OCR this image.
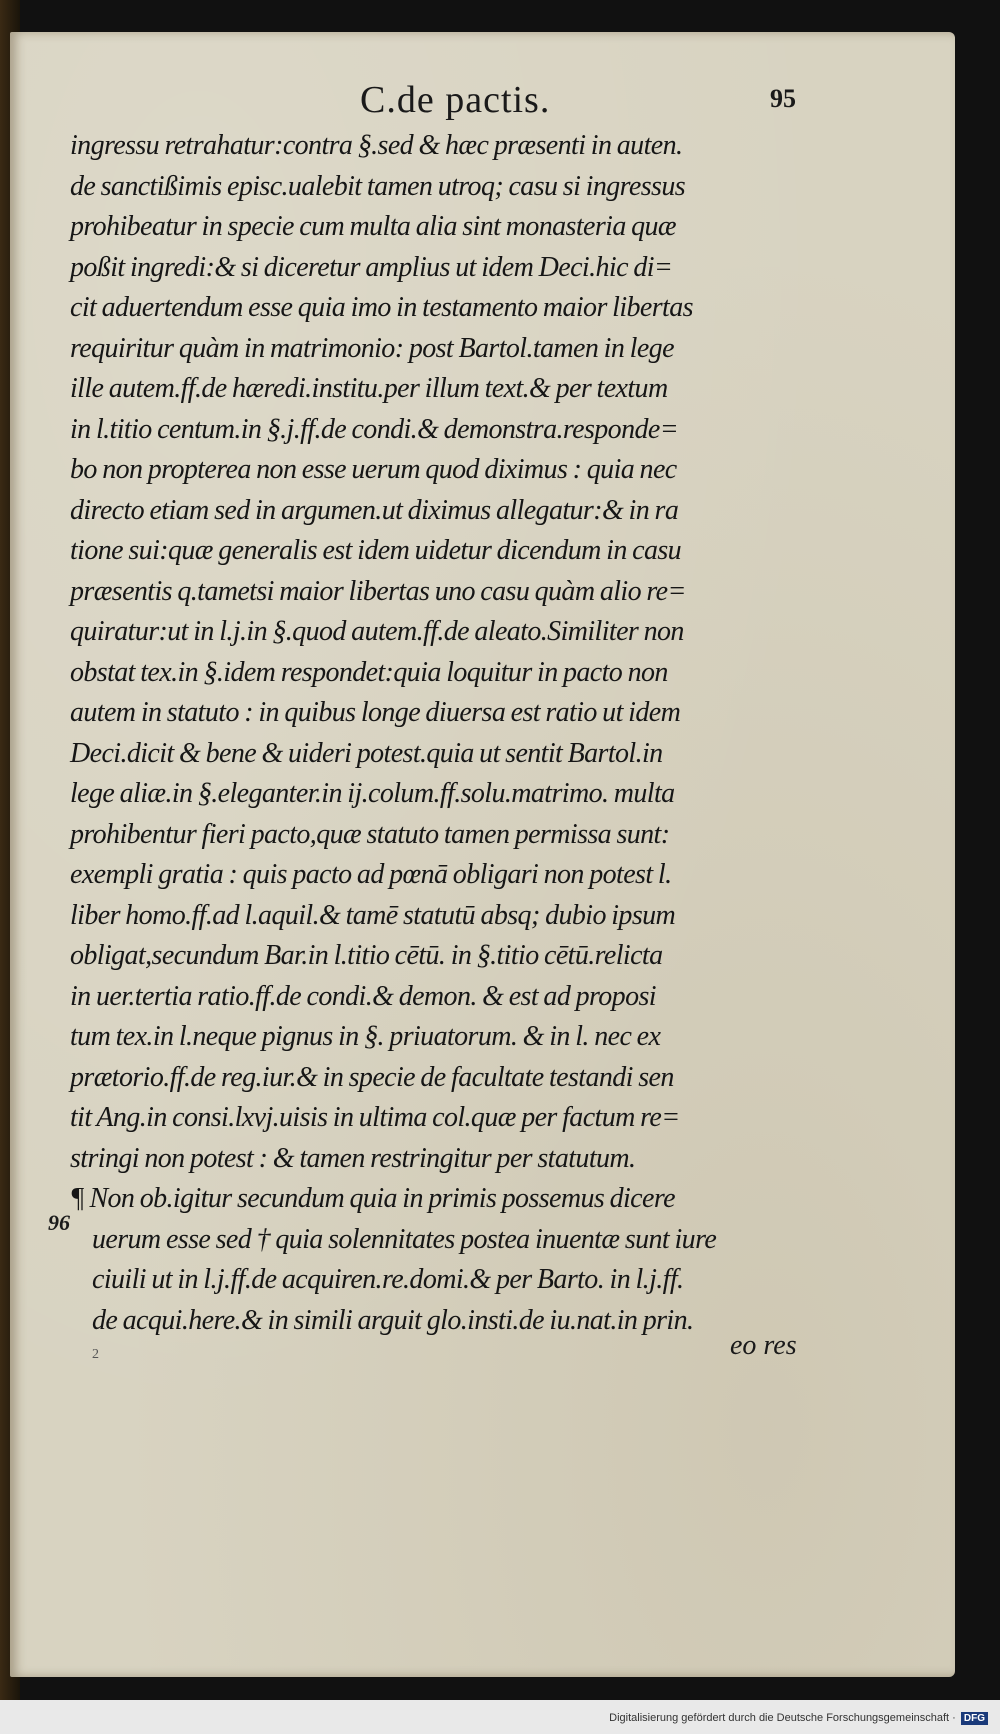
C.de pactis.	95
ingressu retrahatur:contra §.sed & hæc præsenti in auten.
de sanctißimis episc.ualebit tamen utroq; casu si ingressus
prohibeatur in specie cum multa alia sint monasteria quæ
poßit ingredi:& si diceretur amplius ut idem Deci.hic di=
cit aduertendum esse quia imo in testamento maior libertas
requiritur quàm in matrimonio: post Bartol.tamen in lege
ille autem.ff.de hæredi.institu.per illum text.& per textum
in l.titio centum.in §.j.ff.de condi.& demonstra.responde=
bo non propterea non esse uerum quod diximus : quia nec
directo etiam sed in argumen.ut diximus allegatur:& in ra
tione sui:quæ generalis est idem uidetur dicendum in casu
præsentis q.tametsi maior libertas uno casu quàm alio re=
quiratur:ut in l.j.in §.quod autem.ff.de aleato.Similiter non
obstat tex.in §.idem respondet:quia loquitur in pacto non
autem in statuto : in quibus longe diuersa est ratio ut idem
Deci.dicit & bene & uideri potest.quia ut sentit Bartol.in
lege aliæ.in §.eleganter.in ij.colum.ff.solu.matrimo. multa
prohibentur fieri pacto,quæ statuto tamen permissa sunt:
exempli gratia : quis pacto ad pœnā obligari non potest l.
liber homo.ff.ad l.aquil.& tamē statutū absq; dubio ipsum
obligat,secundum Bar.in l.titio cētū. in §.titio cētū.relicta
in uer.tertia ratio.ff.de condi.& demon. & est ad proposi
tum tex.in l.neque pignus in §. priuatorum. & in l. nec ex
prætorio.ff.de reg.iur.& in specie de facultate testandi sen
tit Ang.in consi.lxvj.uisis in ultima col.quæ per factum re=
stringi non potest : & tamen restringitur per statutum.
¶ Non ob.igitur secundum quia in primis possemus dicere
uerum esse sed † quia solennitates postea inuentæ sunt iure
ciuili ut in l.j.ff.de acquiren.re.domi.& per Barto. in l.j.ff.
de acqui.here.& in simili arguit glo.insti.de iu.nat.in prin.
96
2	eo res
Digitalisierung gefördert durch die Deutsche Forschungsgemeinschaft · DFG
